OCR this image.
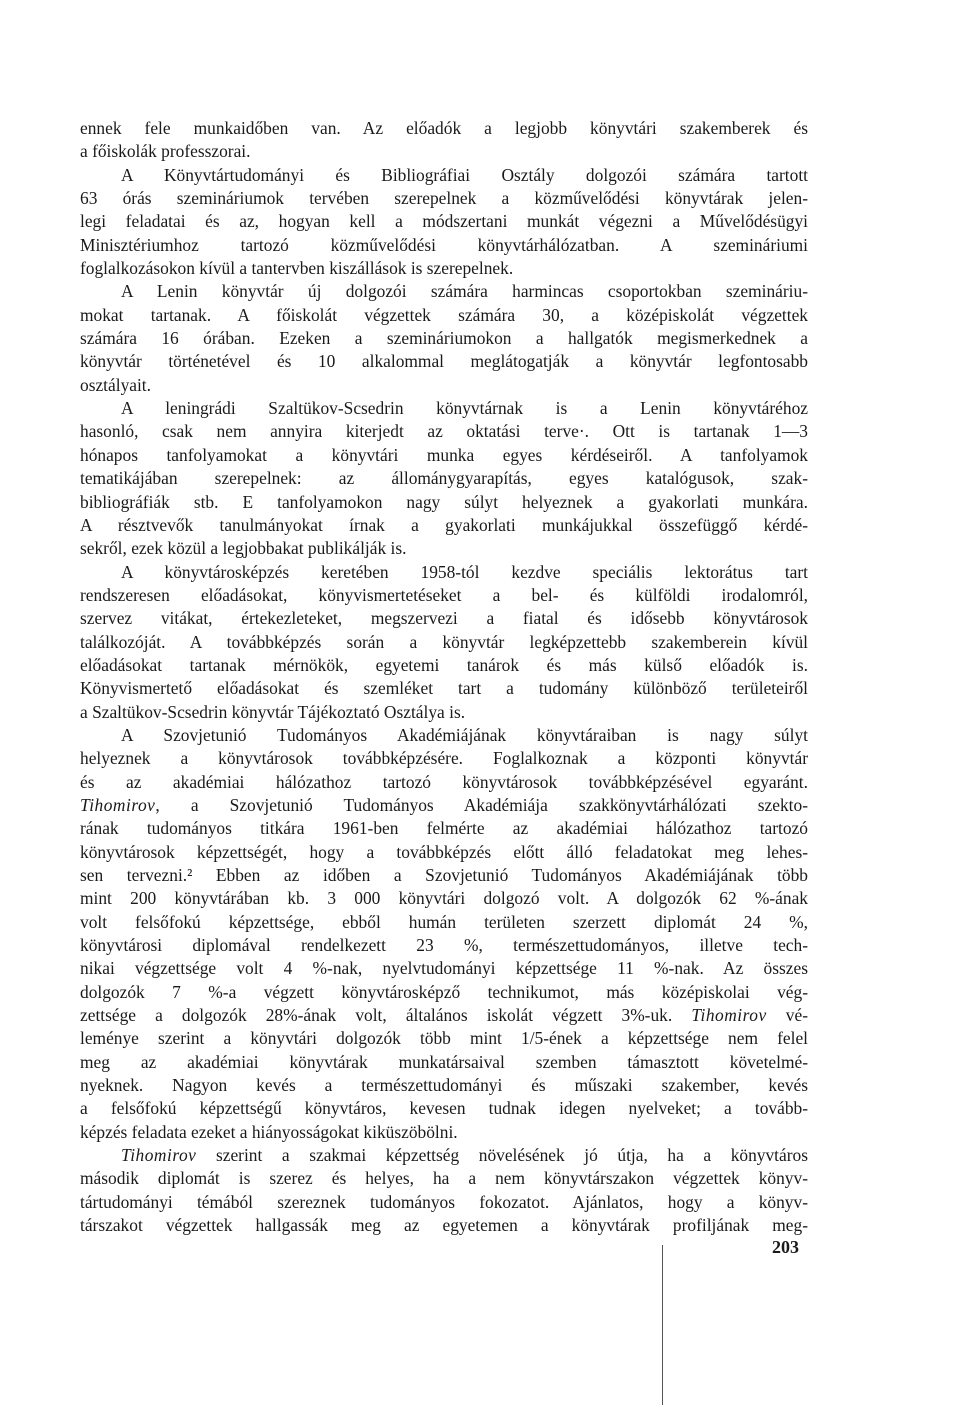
ennek fele munkaidőben van. Az előadók a legjobb könyvtári szakemberek és
a főiskolák professzorai.
A Könyvtártudományi és Bibliográfiai Osztály dolgozói számára tartott
63 órás szemináriumok tervében szerepelnek a közművelődési könyvtárak jelen-
legi feladatai és az, hogyan kell a módszertani munkát végezni a Művelődésügyi
Minisztériumhoz tartozó közművelődési könyvtárhálózatban. A szemináriumi
foglalkozásokon kívül a tantervben kiszállások is szerepelnek.
A Lenin könyvtár új dolgozói számára harmincas csoportokban szemináriu-
mokat tartanak. A főiskolát végzettek számára 30, a középiskolát végzettek
számára 16 órában. Ezeken a szemináriumokon a hallgatók megismerkednek a
könyvtár történetével és 10 alkalommal meglátogatják a könyvtár legfontosabb
osztályait.
A leningrádi Szaltükov-Scsedrin könyvtárnak is a Lenin könyvtáréhoz
hasonló, csak nem annyira kiterjedt az oktatási terve·. Ott is tartanak 1—3
hónapos tanfolyamokat a könyvtári munka egyes kérdéseiről. A tanfolyamok
tematikájában szerepelnek: az állománygyarapítás, egyes katalógusok, szak-
bibliográfiák stb. E tanfolyamokon nagy súlyt helyeznek a gyakorlati munkára.
A résztvevők tanulmányokat írnak a gyakorlati munkájukkal összefüggő kérdé-
sekről, ezek közül a legjobbakat publikálják is.
A könyvtárosképzés keretében 1958-tól kezdve speciális lektorátus tart
rendszeresen előadásokat, könyvismertetéseket a bel- és külföldi irodalomról,
szervez vitákat, értekezleteket, megszervezi a fiatal és idősebb könyvtárosok
találkozóját. A továbbképzés során a könyvtár legképzettebb szakemberein kívül
előadásokat tartanak mérnökök, egyetemi tanárok és más külső előadók is.
Könyvismertető előadásokat és szemléket tart a tudomány különböző területeiről
a Szaltükov-Scsedrin könyvtár Tájékoztató Osztálya is.
A Szovjetunió Tudományos Akadémiájának könyvtáraiban is nagy súlyt
helyeznek a könyvtárosok továbbképzésére. Foglalkoznak a központi könyvtár
és az akadémiai hálózathoz tartozó könyvtárosok továbbképzésével egyaránt.
Tihomirov, a Szovjetunió Tudományos Akadémiája szakkönyvtárhálózati szekto-
rának tudományos titkára 1961-ben felmérte az akadémiai hálózathoz tartozó
könyvtárosok képzettségét, hogy a továbbképzés előtt álló feladatokat meg lehes-
sen tervezni.² Ebben az időben a Szovjetunió Tudományos Akadémiájának több
mint 200 könyvtárában kb. 3 000 könyvtári dolgozó volt. A dolgozók 62 %-ának
volt felsőfokú képzettsége, ebből humán területen szerzett diplomát 24 %,
könyvtárosi diplomával rendelkezett 23 %, természettudományos, illetve tech-
nikai végzettsége volt 4 %-nak, nyelvtudományi képzettsége 11 %-nak. Az összes
dolgozók 7 %-a végzett könyvtárosképző technikumot, más középiskolai vég-
zettsége a dolgozók 28%-ának volt, általános iskolát végzett 3%-uk. Tihomirov vé-
leménye szerint a könyvtári dolgozók több mint 1/5-ének a képzettsége nem felel
meg az akadémiai könyvtárak munkatársaival szemben támasztott követelmé-
nyeknek. Nagyon kevés a természettudományi és műszaki szakember, kevés
a felsőfokú képzettségű könyvtáros, kevesen tudnak idegen nyelveket; a tovább-
képzés feladata ezeket a hiányosságokat kiküszöbölni.
Tihomirov szerint a szakmai képzettség növelésének jó útja, ha a könyvtáros
második diplomát is szerez és helyes, ha a nem könyvtárszakon végzettek könyv-
tártudományi témából szereznek tudományos fokozatot. Ajánlatos, hogy a könyv-
társzakot végzettek hallgassák meg az egyetemen a könyvtárak profiljának meg-
203
